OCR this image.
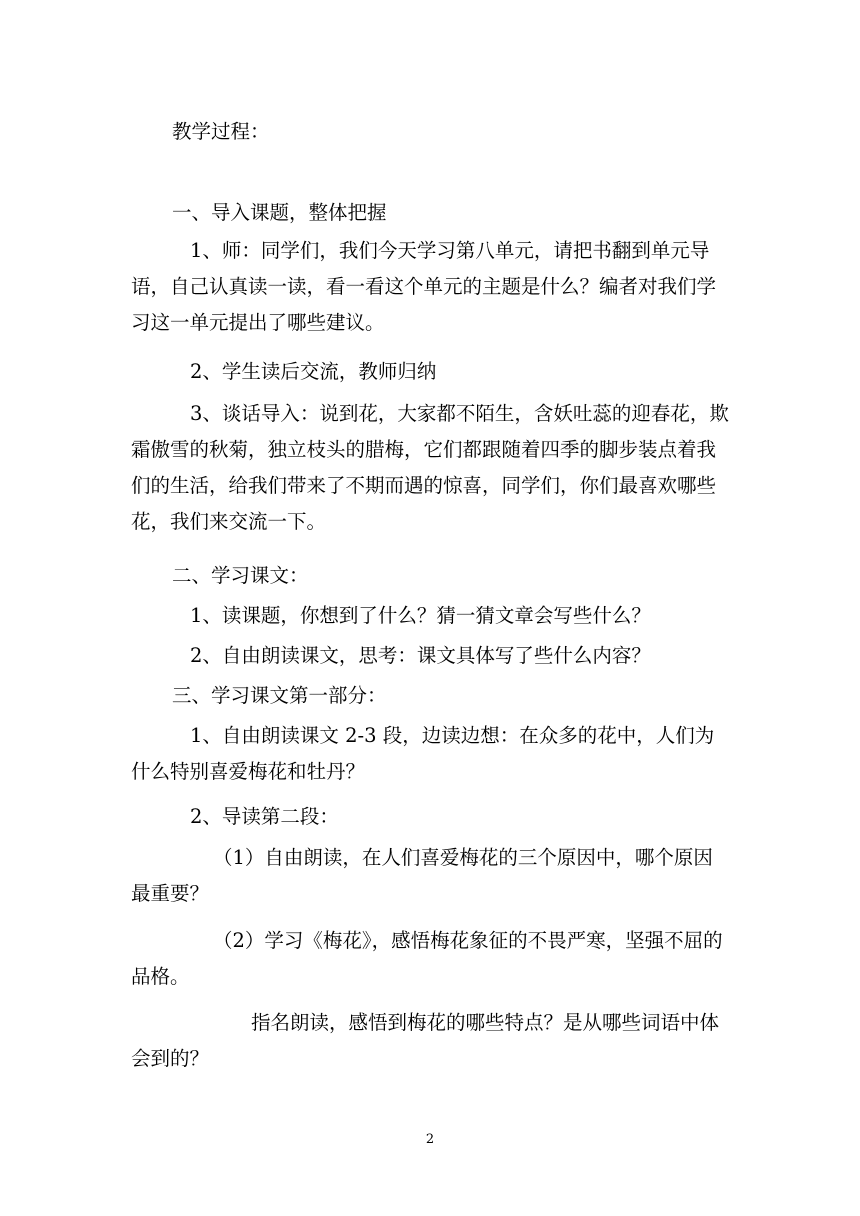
教学过程：

一、导入课题，整体把握

1、师：同学们，我们今天学习第八单元，请把书翻到单元导语，自己认真读一读，看一看这个单元的主题是什么？编者对我们学习这一单元提出了哪些建议。

2、学生读后交流，教师归纳

3、谈话导入：说到花，大家都不陌生，含妖吐蕊的迎春花，欺霜傲雪的秋菊，独立枝头的腊梅，它们都跟随着四季的脚步装点着我们的生活，给我们带来了不期而遇的惊喜，同学们，你们最喜欢哪些花，我们来交流一下。

二、学习课文：

1、读课题，你想到了什么？猜一猜文章会写些什么？

2、自由朗读课文，思考：课文具体写了些什么内容？

三、学习课文第一部分：

1、自由朗读课文 2-3 段，边读边想：在众多的花中，人们为什么特别喜爱梅花和牡丹？

2、导读第二段：

（1）自由朗读，在人们喜爱梅花的三个原因中，哪个原因最重要？

（2）学习《梅花》，感悟梅花象征的不畏严寒，坚强不屈的品格。

指名朗读，感悟到梅花的哪些特点？是从哪些词语中体会到的？

2
